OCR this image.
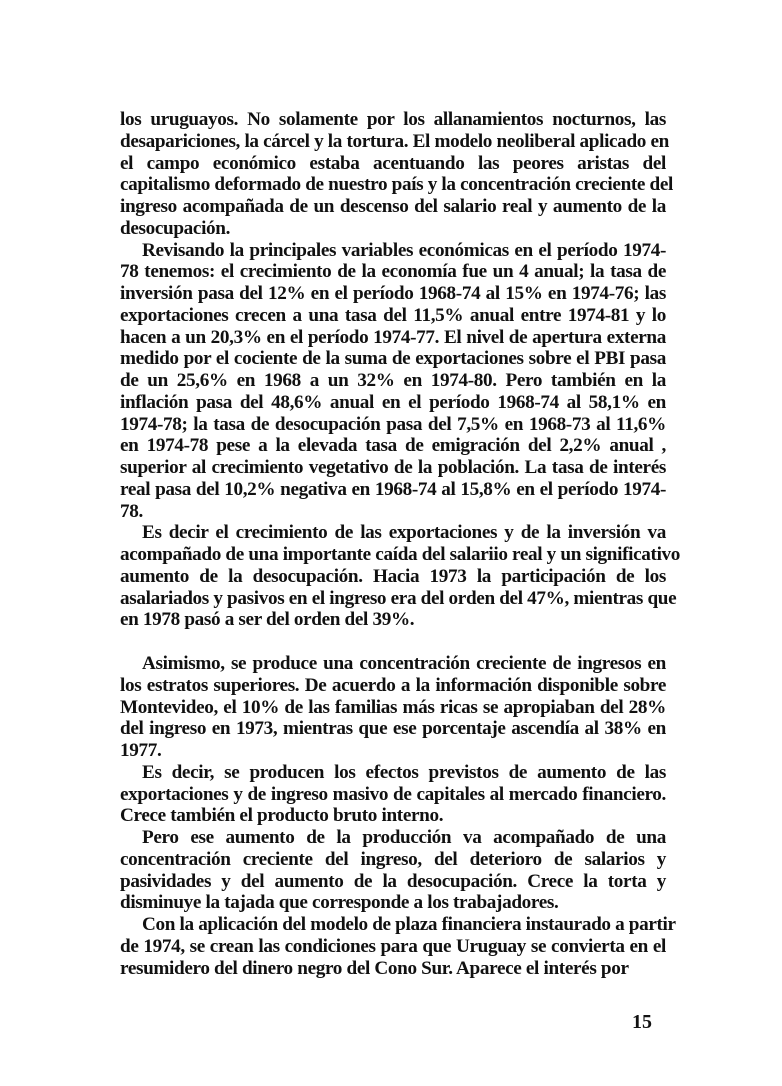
los uruguayos. No solamente por los allanamientos nocturnos, las
desapariciones, la cárcel y la tortura. El modelo neoliberal aplicado en
el campo económico estaba acentuando las peores aristas del
capitalismo deformado de nuestro país y la concentración creciente del
ingreso acompañada de un descenso del salario real y aumento de la
desocupación.
Revisando la principales variables económicas en el período 1974-
78 tenemos: el crecimiento de la economía fue un 4 anual; la tasa de
inversión pasa del 12% en el período 1968-74 al 15% en 1974-76; las
exportaciones crecen a una tasa del 11,5% anual entre 1974-81 y lo
hacen a un 20,3% en el período 1974-77. El nivel de apertura externa
medido por el cociente de la suma de exportaciones sobre el PBI pasa
de un 25,6% en 1968 a un 32% en 1974-80. Pero también en la
inflación pasa del 48,6% anual en el período 1968-74 al 58,1% en
1974-78; la tasa de desocupación pasa del 7,5% en 1968-73 al 11,6%
en 1974-78 pese a la elevada tasa de emigración del 2,2% anual ,
superior al crecimiento vegetativo de la población. La tasa de interés
real pasa del 10,2% negativa en 1968-74 al 15,8% en el período 1974-
78.
Es decir el crecimiento de las exportaciones y de la inversión va
acompañado de una importante caída del salariio real y un significativo
aumento de la desocupación. Hacia 1973 la participación de los
asalariados y pasivos en el ingreso era del orden del 47%, mientras que
en 1978 pasó a ser del orden del 39%.
Asimismo, se produce una concentración creciente de ingresos en
los estratos superiores. De acuerdo a la información disponible sobre
Montevideo, el 10% de las familias más ricas se apropiaban del 28%
del ingreso en 1973, mientras que ese porcentaje ascendía al 38% en
1977.
Es decir, se producen los efectos previstos de aumento de las
exportaciones y de ingreso masivo de capitales al mercado financiero.
Crece también el producto bruto interno.
Pero ese aumento de la producción va acompañado de una
concentración creciente del ingreso, del deterioro de salarios y
pasividades y del aumento de la desocupación. Crece la torta y
disminuye la tajada que corresponde a los trabajadores.
Con la aplicación del modelo de plaza financiera instaurado a partir
de 1974, se crean las condiciones para que Uruguay se convierta en el
resumidero del dinero negro del Cono Sur. Aparece el interés por
15
